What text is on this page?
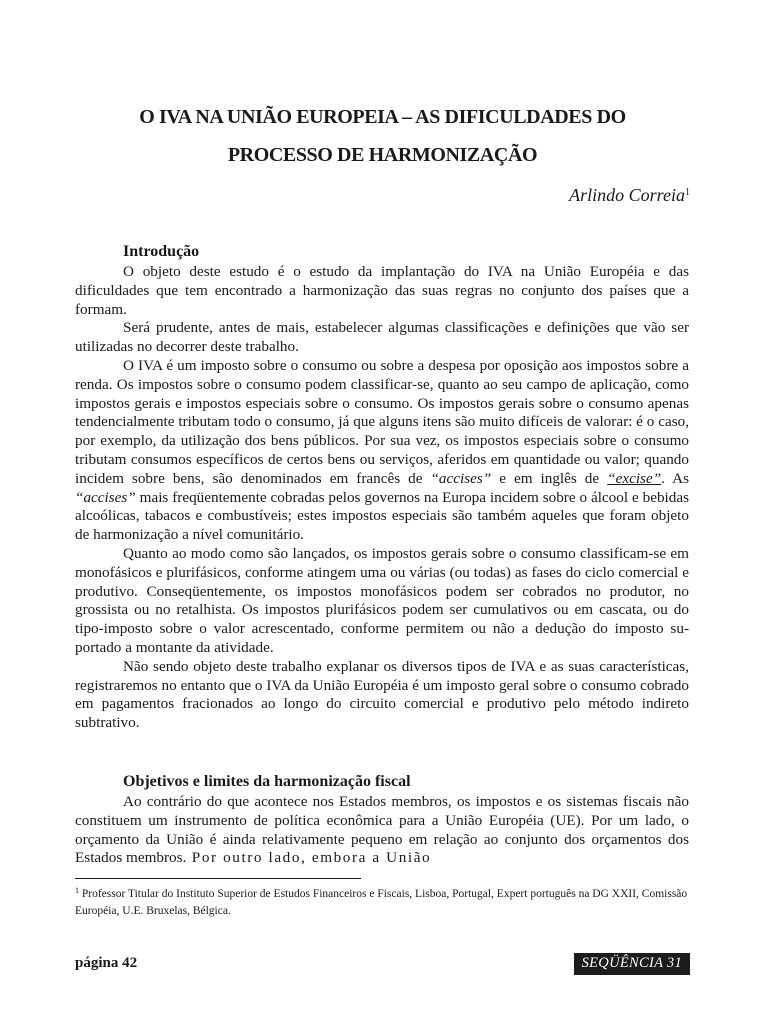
O IVA NA UNIÃO EUROPEIA – AS DIFICULDADES DO
PROCESSO DE HARMONIZAÇÃO

Arlindo Correia$^1$

Introdução

O objeto deste estudo é o estudo da implantação do IVA na União Européia e das dificuldades que tem encontrado a harmonização das suas regras no conjunto dos países que a formam.

Será prudente, antes de mais, estabelecer algumas classificações e definições que vão ser utilizadas no decorrer deste trabalho.

O IVA é um imposto sobre o consumo ou sobre a despesa por oposição aos impostos sobre a renda. Os impostos sobre o consumo podem classificar-se, quanto ao seu campo de aplicação, como impostos gerais e impostos especiais sobre o consumo. Os impostos gerais sobre o consumo apenas tendencialmente tributam todo o consumo, já que alguns itens são muito difíceis de valorar: é o caso, por exemplo, da utilização dos bens públicos. Por sua vez, os impostos especiais sobre o consumo tributam consumos específicos de certos bens ou serviços, aferidos em quantidade ou valor; quando incidem sobre bens, são denominados em francês de “accises” e em inglês de “excise”. As “accises” mais freqüentemente cobradas pelos governos na Europa incidem sobre o álcool e bebidas alcoólicas, tabacos e combustíveis; estes impostos especiais são também aqueles que foram objeto de harmonização a nível comunitário.

Quanto ao modo como são lançados, os impostos gerais sobre o consumo classificam-se em monofásicos e plurifásicos, conforme atingem uma ou várias (ou todas) as fases do ciclo comercial e produtivo. Conseqüentemente, os impostos monofásicos podem ser cobrados no produtor, no grossista ou no retalhista. Os impostos plurifásicos podem ser cumulativos ou em cascata, ou do tipo-imposto sobre o valor acrescentado, conforme permitem ou não a dedução do imposto su-portado a montante da atividade.

Não sendo objeto deste trabalho explanar os diversos tipos de IVA e as suas características, registraremos no entanto que o IVA da União Européia é um imposto geral sobre o consumo cobrado em pagamentos fracionados ao longo do circuito comercial e produtivo pelo método indireto subtrativo.

Objetivos e limites da harmonização fiscal

Ao contrário do que acontece nos Estados membros, os impostos e os sistemas fiscais não constituem um instrumento de política econômica para a União Européia (UE). Por um lado, o orçamento da União é ainda relativamente pequeno em relação ao conjunto dos orçamentos dos Estados membros. Por outro lado, embora a União

$^1$ Professor Titular do Instituto Superior de Estudos Financeiros e Fiscais, Lisboa, Portugal, Expert português na DG XXII, Comissão Européia, U.E. Bruxelas, Bélgica.

página 42	SEQÜÊNCIA 31
